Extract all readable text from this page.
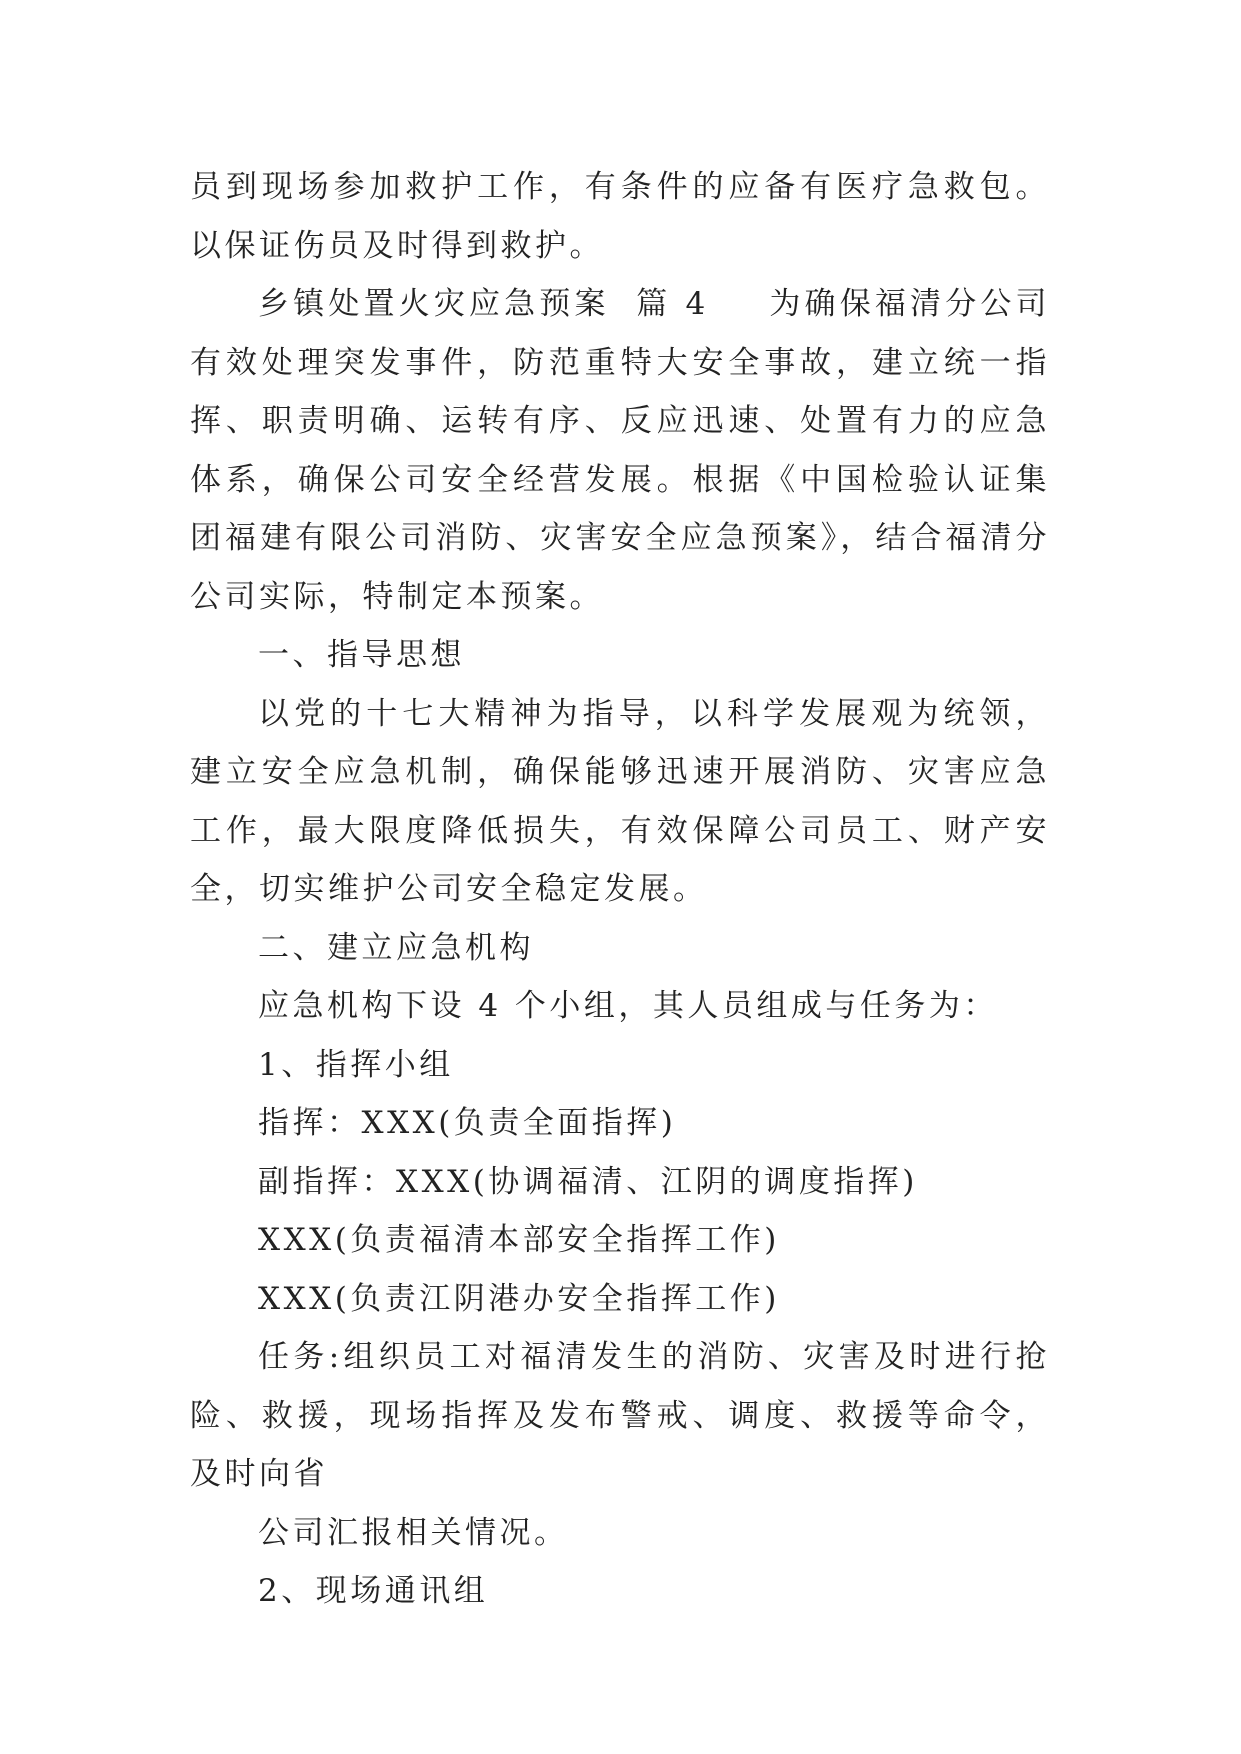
员到现场参加救护工作，有条件的应备有医疗急救包。以保证伤员及时得到救护。

乡镇处置火灾应急预案 篇 4 为确保福清分公司有效处理突发事件，防范重特大安全事故，建立统一指挥、职责明确、运转有序、反应迅速、处置有力的应急体系，确保公司安全经营发展。根据《中国检验认证集团福建有限公司消防、灾害安全应急预案》，结合福清分公司实际，特制定本预案。

一、指导思想

以党的十七大精神为指导，以科学发展观为统领，建立安全应急机制，确保能够迅速开展消防、灾害应急工作，最大限度降低损失，有效保障公司员工、财产安全，切实维护公司安全稳定发展。

二、建立应急机构

应急机构下设 4 个小组，其人员组成与任务为：

1、指挥小组

指挥：XXX(负责全面指挥)

副指挥：XXX(协调福清、江阴的调度指挥)

XXX(负责福清本部安全指挥工作)

XXX(负责江阴港办安全指挥工作)

任务:组织员工对福清发生的消防、灾害及时进行抢险、救援，现场指挥及发布警戒、调度、救援等命令，及时向省

公司汇报相关情况。

2、现场通讯组
